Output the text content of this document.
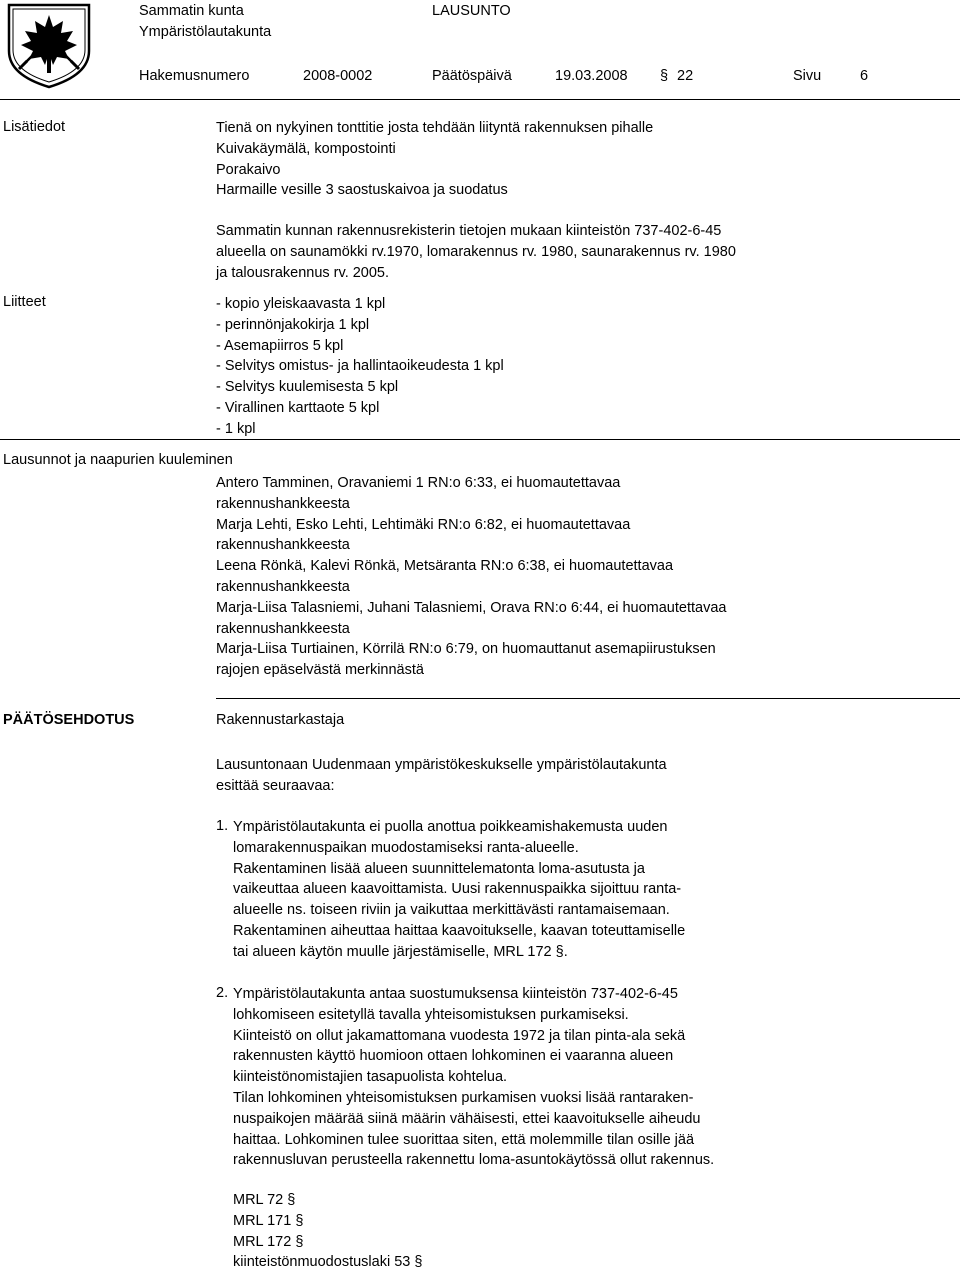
Sammatin kunta
Ympäristölautakunta
LAUSUNTO
Hakemusnumero	2008-0002	Päätöspäivä	19.03.2008 § 22	Sivu	6
Lisätiedot	Tienä on nykyinen tonttitie josta tehdään liityntä rakennuksen pihalle
Kuivakäymälä, kompostointi
Porakaivo
Harmaille vesille 3 saostuskaivoa ja suodatus
Sammatin kunnan rakennusrekisterin tietojen mukaan kiinteistön 737-402-6-45
alueella on saunamökki rv.1970, lomarakennus rv. 1980, saunarakennus rv. 1980
ja talousrakennus rv. 2005.
Liitteet	- kopio yleiskaavasta 1 kpl
- perinnönjakokirja 1 kpl
- Asemapiirros 5 kpl
- Selvitys omistus- ja hallintaoikeudesta 1 kpl
- Selvitys kuulemisesta 5 kpl
- Virallinen karttaote 5 kpl
- 1 kpl
Lausunnot ja naapurien kuuleminen
Antero Tamminen, Oravaniemi 1 RN:o 6:33, ei huomautettavaa
rakennushankkeesta
Marja Lehti, Esko Lehti, Lehtimäki RN:o 6:82, ei huomautettavaa
rakennushankkeesta
Leena Rönkä, Kalevi Rönkä, Metsäranta RN:o 6:38, ei huomautettavaa
rakennushankkeesta
Marja-Liisa Talasniemi, Juhani Talasniemi, Orava RN:o 6:44, ei huomautettavaa
rakennushankkeesta
Marja-Liisa Turtiainen, Körrilä RN:o 6:79, on huomauttanut asemapiirustuksen
rajojen epäselvästä merkinnästä
PÄÄTÖSEHDOTUS	Rakennustarkastaja
Lausuntonaan Uudenmaan ympäristökeskukselle ympäristölautakunta
esittää seuraavaa:
1. Ympäristölautakunta ei puolla anottua poikkeamishakemusta uuden
lomarakennuspaikan muodostamiseksi ranta-alueelle.
Rakentaminen lisää alueen suunnittelematonta loma-asutusta ja
vaikeuttaa alueen kaavoittamista. Uusi rakennuspaikka sijoittuu ranta-
alueelle ns. toiseen riviin ja vaikuttaa merkittävästi rantamaisemaan.
Rakentaminen aiheuttaa haittaa kaavoitukselle, kaavan toteuttamiselle
tai alueen käytön muulle järjestämiselle, MRL 172 §.
2. Ympäristölautakunta antaa suostumuksensa kiinteistön 737-402-6-45
lohkomiseen esitetyllä tavalla yhteisomistuksen purkamiseksi.
Kiinteistö on ollut jakamattomana vuodesta 1972 ja tilan pinta-ala sekä
rakennusten käyttö huomioon ottaen lohkominen ei vaaranna alueen
kiinteistönomistajien tasapuolista kohtelua.
Tilan lohkominen yhteisomistuksen purkamisen vuoksi lisää rantaraken-
nuspaikojen määrää siinä määrin vähäisesti, ettei kaavoitukselle aiheudu
haittaa. Lohkominen tulee suorittaa siten, että molemmille tilan osille jää
rakennusluvan perusteella rakennettu loma-asuntokäytössä ollut rakennus.
MRL 72 §
MRL 171 §
MRL 172 §
kiinteistönmuodostuslaki 53 §
